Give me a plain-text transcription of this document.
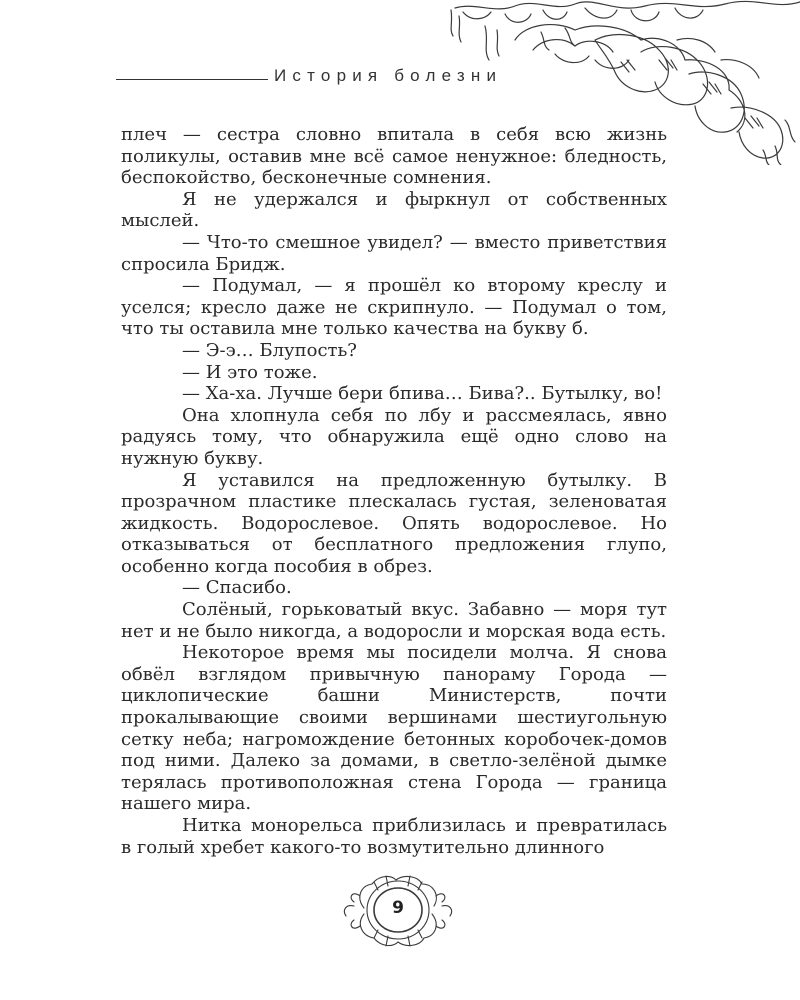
История болезни

плеч — сестра словно впитала в себя всю жизнь поликулы, оставив мне всё самое ненужное: бледность, беспокойство, бесконечные сомнения.

Я не удержался и фыркнул от собственных мыслей.

— Что-то смешное увидел? — вместо приветствия спросила Бридж.

— Подумал, — я прошёл ко второму креслу и уселся; кресло даже не скрипнуло. — Подумал о том, что ты оставила мне только качества на букву б.

— Э-э… Блупость?

— И это тоже.

— Ха-ха. Лучше бери бпива… Бива?.. Бутылку, во!

Она хлопнула себя по лбу и рассмеялась, явно радуясь тому, что обнаружила ещё одно слово на нужную букву.

Я уставился на предложенную бутылку. В прозрачном пластике плескалась густая, зеленоватая жидкость. Водорослевое. Опять водорослевое. Но отказываться от бесплатного предложения глупо, особенно когда пособия в обрез.

— Спасибо.

Солёный, горьковатый вкус. Забавно — моря тут нет и не было никогда, а водоросли и морская вода есть.

Некоторое время мы посидели молча. Я снова обвёл взглядом привычную панораму Города — циклопические башни Министерств, почти прокалывающие своими вершинами шестиугольную сетку неба; нагромождение бетонных коробочек-домов под ними. Далеко за домами, в светло-зелёной дымке терялась противоположная стена Города — граница нашего мира.

Нитка монорельса приблизилась и превратилась в голый хребет какого-то возмутительно длинного

9
